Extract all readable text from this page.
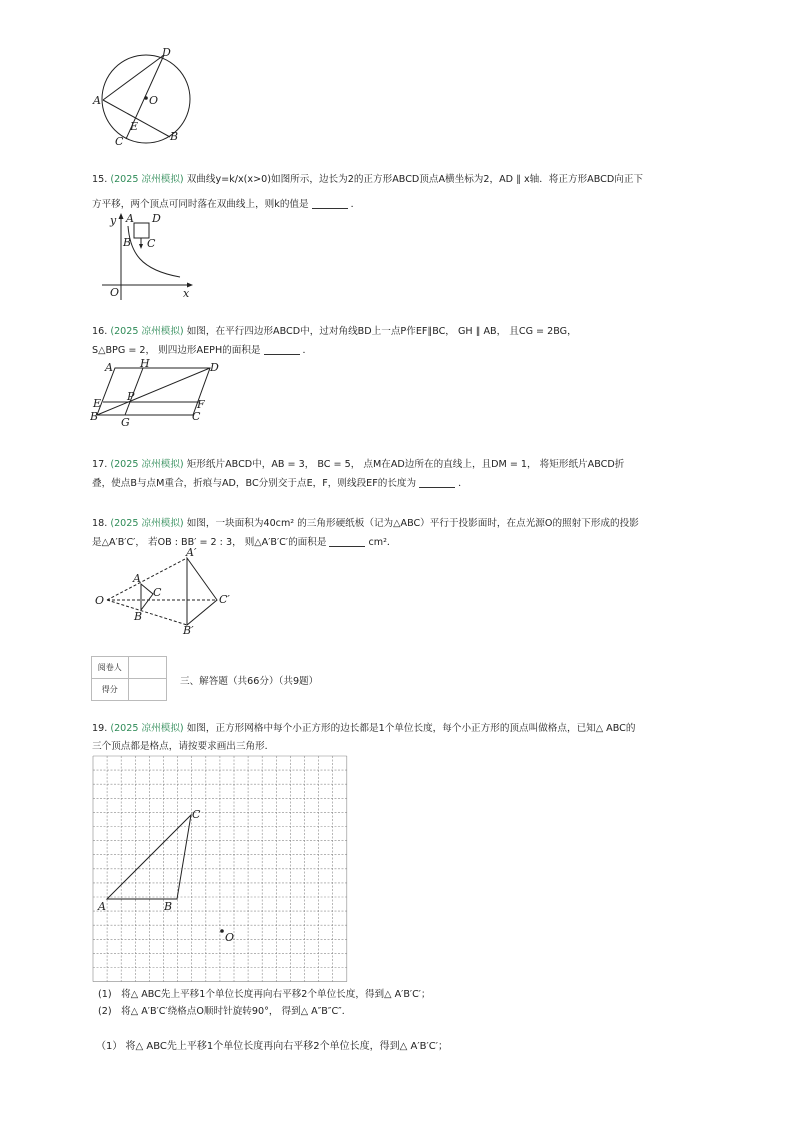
D
A	O
E
C	B
15. (2025 凉州模拟) 双曲线y=k/x(x>0)如图所示，边长为2的正方形ABCD顶点A横坐标为2，AD ∥ x轴．将正方形ABCD向正下
方平移，两个顶点可同时落在双曲线上，则k的值是	．
y A D
B C
O	x
16. (2025 凉州模拟) 如图，在平行四边形ABCD中，过对角线BD上一点P作EF∥BC， GH ∥ AB， 且CG = 2BG，
S△BPG = 2， 则四边形AEPH的面积是	．
A H	D
E
P
F
B G	C
17. (2025 凉州模拟) 矩形纸片ABCD中，AB = 3， BC = 5， 点M在AD边所在的直线上，且DM = 1， 将矩形纸片ABCD折
叠，使点B与点M重合，折痕与AD，BC分别交于点E，F，则线段EF的长度为	．
18. (2025 凉州模拟) 如图，一块面积为40cm² 的三角形硬纸板（记为△ABC）平行于投影面时，在点光源O的照射下形成的投影
是△A′B′C′， 若OB : BB′ = 2 : 3， 则△A′B′C′的面积是	cm²．
A′
A
O
C
C′
B
B′
阅卷人	
得分	
三、解答题（共66分）（共9题）
19. (2025 凉州模拟) 如图，正方形网格中每个小正方形的边长都是1个单位长度，每个小正方形的顶点叫做格点，已知△ ABC的
三个顶点都是格点，请按要求画出三角形．
C
A	B
O
(1)　将△ ABC先上平移1个单位长度再向右平移2个单位长度，得到△ A′B′C′；
(2)　将△ A′B′C′绕格点O顺时针旋转90°， 得到△ A″B″C″．
（1） 将△ ABC先上平移1个单位长度再向右平移2个单位长度，得到△ A′B′C′；
